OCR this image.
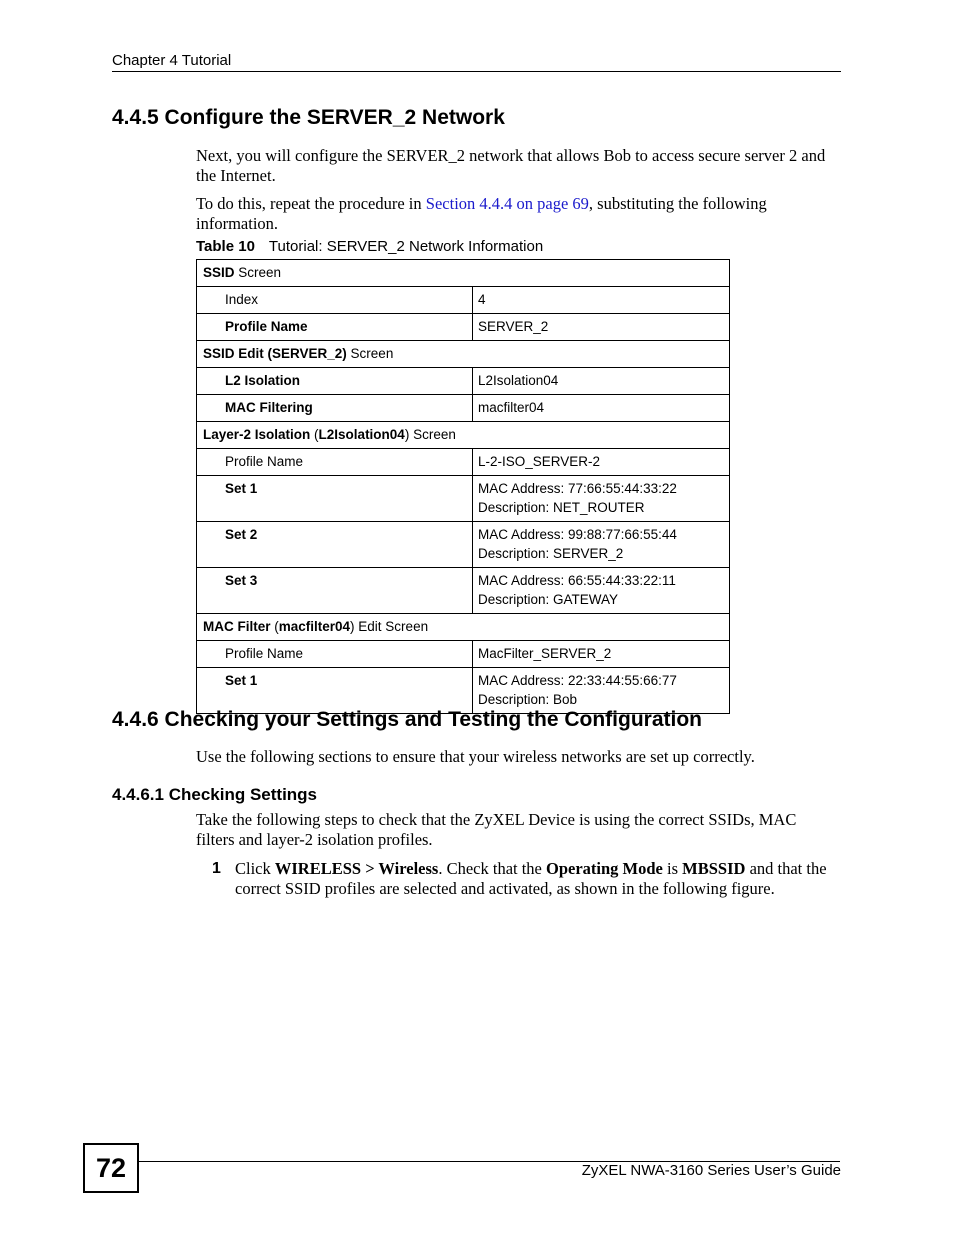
Chapter 4 Tutorial
4.4.5 Configure the SERVER_2 Network
Next, you will configure the SERVER_2 network that allows Bob to access secure server 2 and the Internet.
To do this, repeat the procedure in Section 4.4.4 on page 69, substituting the following information.
Table 10 Tutorial: SERVER_2 Network Information
SSID Screen	
Index	4
Profile Name	SERVER_2
SSID Edit (SERVER_2) Screen	
L2 Isolation	L2Isolation04
MAC Filtering	macfilter04
Layer-2 Isolation (L2Isolation04) Screen	
Profile Name	L-2-ISO_SERVER-2
Set 1	MAC Address: 77:66:55:44:33:22
Description: NET_ROUTER

Set 2	MAC Address: 99:88:77:66:55:44
Description: SERVER_2

Set 3	MAC Address: 66:55:44:33:22:11
Description: GATEWAY

MAC Filter (macfilter04) Edit Screen	
Profile Name	MacFilter_SERVER_2
Set 1	MAC Address: 22:33:44:55:66:77
Description: Bob
4.4.6 Checking your Settings and Testing the Configuration
Use the following sections to ensure that your wireless networks are set up correctly.
4.4.6.1 Checking Settings
Take the following steps to check that the ZyXEL Device is using the correct SSIDs, MAC filters and layer-2 isolation profiles.
1 Click WIRELESS > Wireless. Check that the Operating Mode is MBSSID and that the correct SSID profiles are selected and activated, as shown in the following figure.
72	ZyXEL NWA-3160 Series User’s Guide
